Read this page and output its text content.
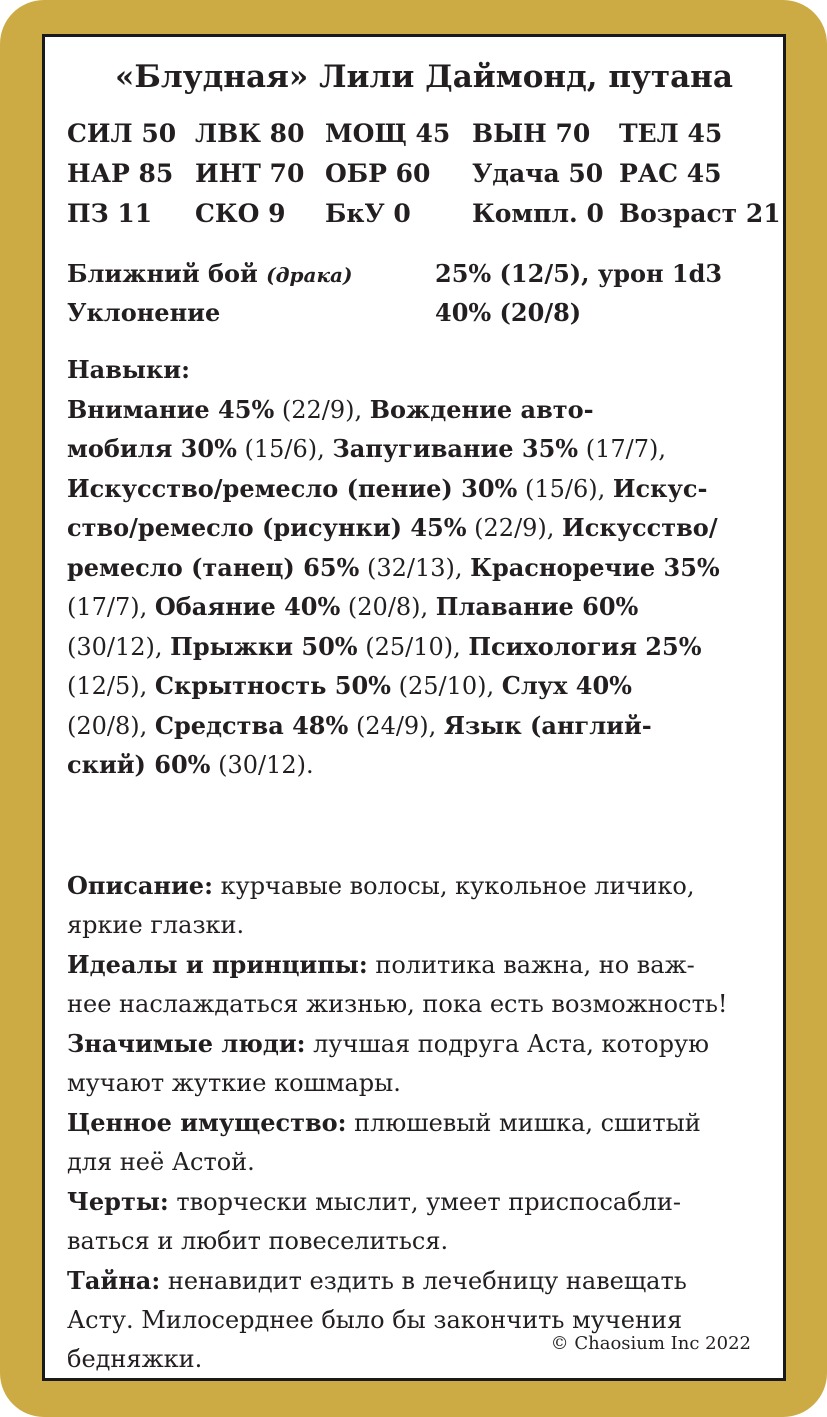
«Блудная» Лили Даймонд, путана
СИЛ 50 ЛВК 80 МОЩ 45 ВЫН 70 ТЕЛ 45
НАР 85 ИНТ 70 ОБР 60 Удача 50 РАС 45
ПЗ 11 СКО 9 БкУ 0 Компл. 0 Возраст 21
Ближний бой (драка)	25% (12/5), урон 1d3
Уклонение	40% (20/8)
Навыки:
Внимание 45% (22/9), Вождение авто-
мобиля 30% (15/6), Запугивание 35% (17/7),
Искусство/ремесло (пение) 30% (15/6), Искус-
ство/ремесло (рисунки) 45% (22/9), Искусство/
ремесло (танец) 65% (32/13), Красноречие 35%
(17/7), Обаяние 40% (20/8), Плавание 60%
(30/12), Прыжки 50% (25/10), Психология 25%
(12/5), Скрытность 50% (25/10), Слух 40%
(20/8), Средства 48% (24/9), Язык (англий-
ский) 60% (30/12).
Описание: курчавые волосы, кукольное личико,
яркие глазки.
Идеалы и принципы: политика важна, но важ-
нее наслаждаться жизнью, пока есть возможность!
Значимые люди: лучшая подруга Аста, которую
мучают жуткие кошмары.
Ценное имущество: плюшевый мишка, сшитый
для неё Астой.
Черты: творчески мыслит, умеет приспосабли-
ваться и любит повеселиться.
Тайна: ненавидит ездить в лечебницу навещать
Асту. Милосерднее было бы закончить мучения
бедняжки.
© Chaosium Inc 2022
